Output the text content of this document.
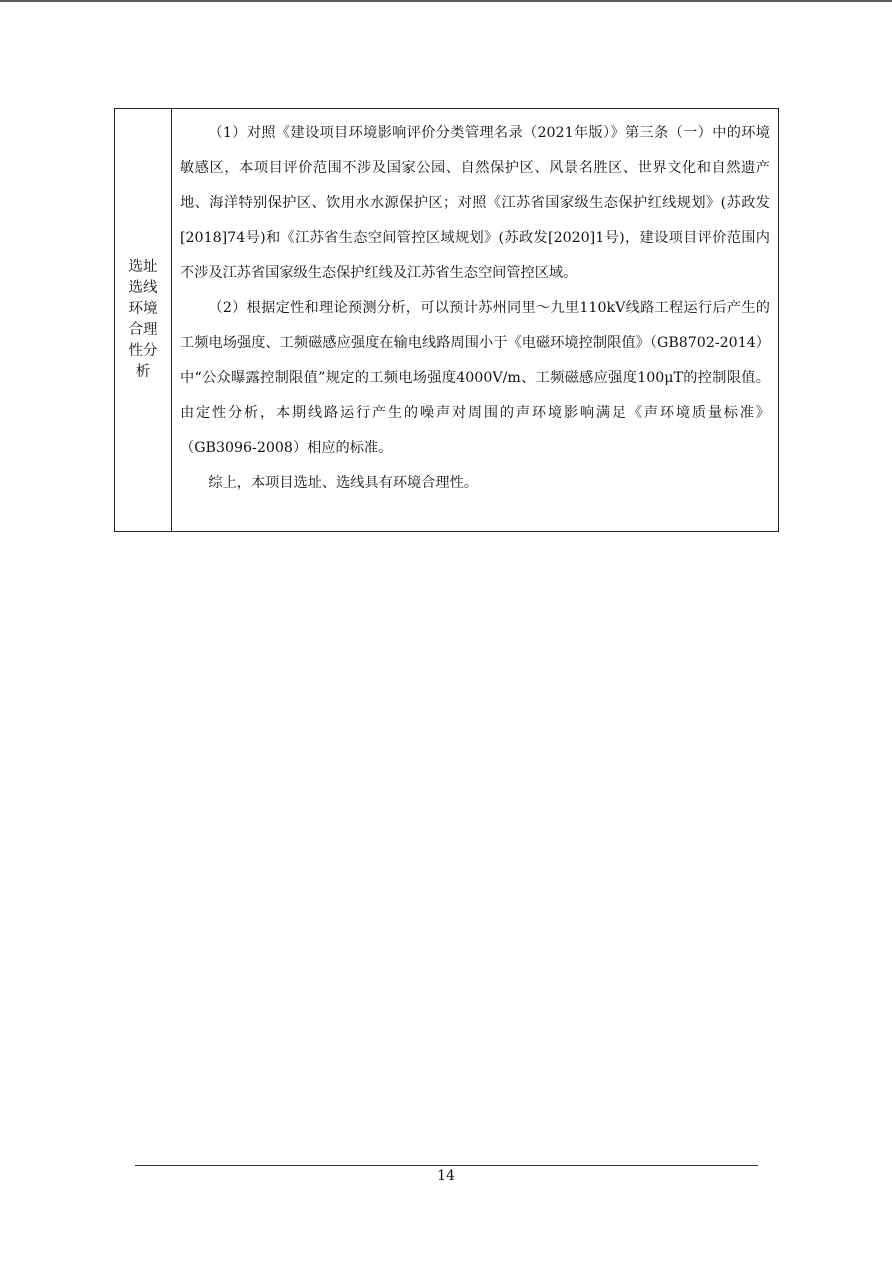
选址选线环境合理性分析

（1）对照《建设项目环境影响评价分类管理名录（2021年版）》第三条（一）中的环境敏感区，本项目评价范围不涉及国家公园、自然保护区、风景名胜区、世界文化和自然遗产地、海洋特别保护区、饮用水水源保护区；对照《江苏省国家级生态保护红线规划》(苏政发[2018]74号)和《江苏省生态空间管控区域规划》(苏政发[2020]1号)，建设项目评价范围内不涉及江苏省国家级生态保护红线及江苏省生态空间管控区域。

（2）根据定性和理论预测分析，可以预计苏州同里～九里110kV线路工程运行后产生的工频电场强度、工频磁感应强度在输电线路周围小于《电磁环境控制限值》（GB8702-2014）中“公众曝露控制限值”规定的工频电场强度4000V/m、工频磁感应强度100μT的控制限值。由定性分析，本期线路运行产生的噪声对周围的声环境影响满足《声环境质量标准》（GB3096-2008）相应的标准。

综上，本项目选址、选线具有环境合理性。

14
